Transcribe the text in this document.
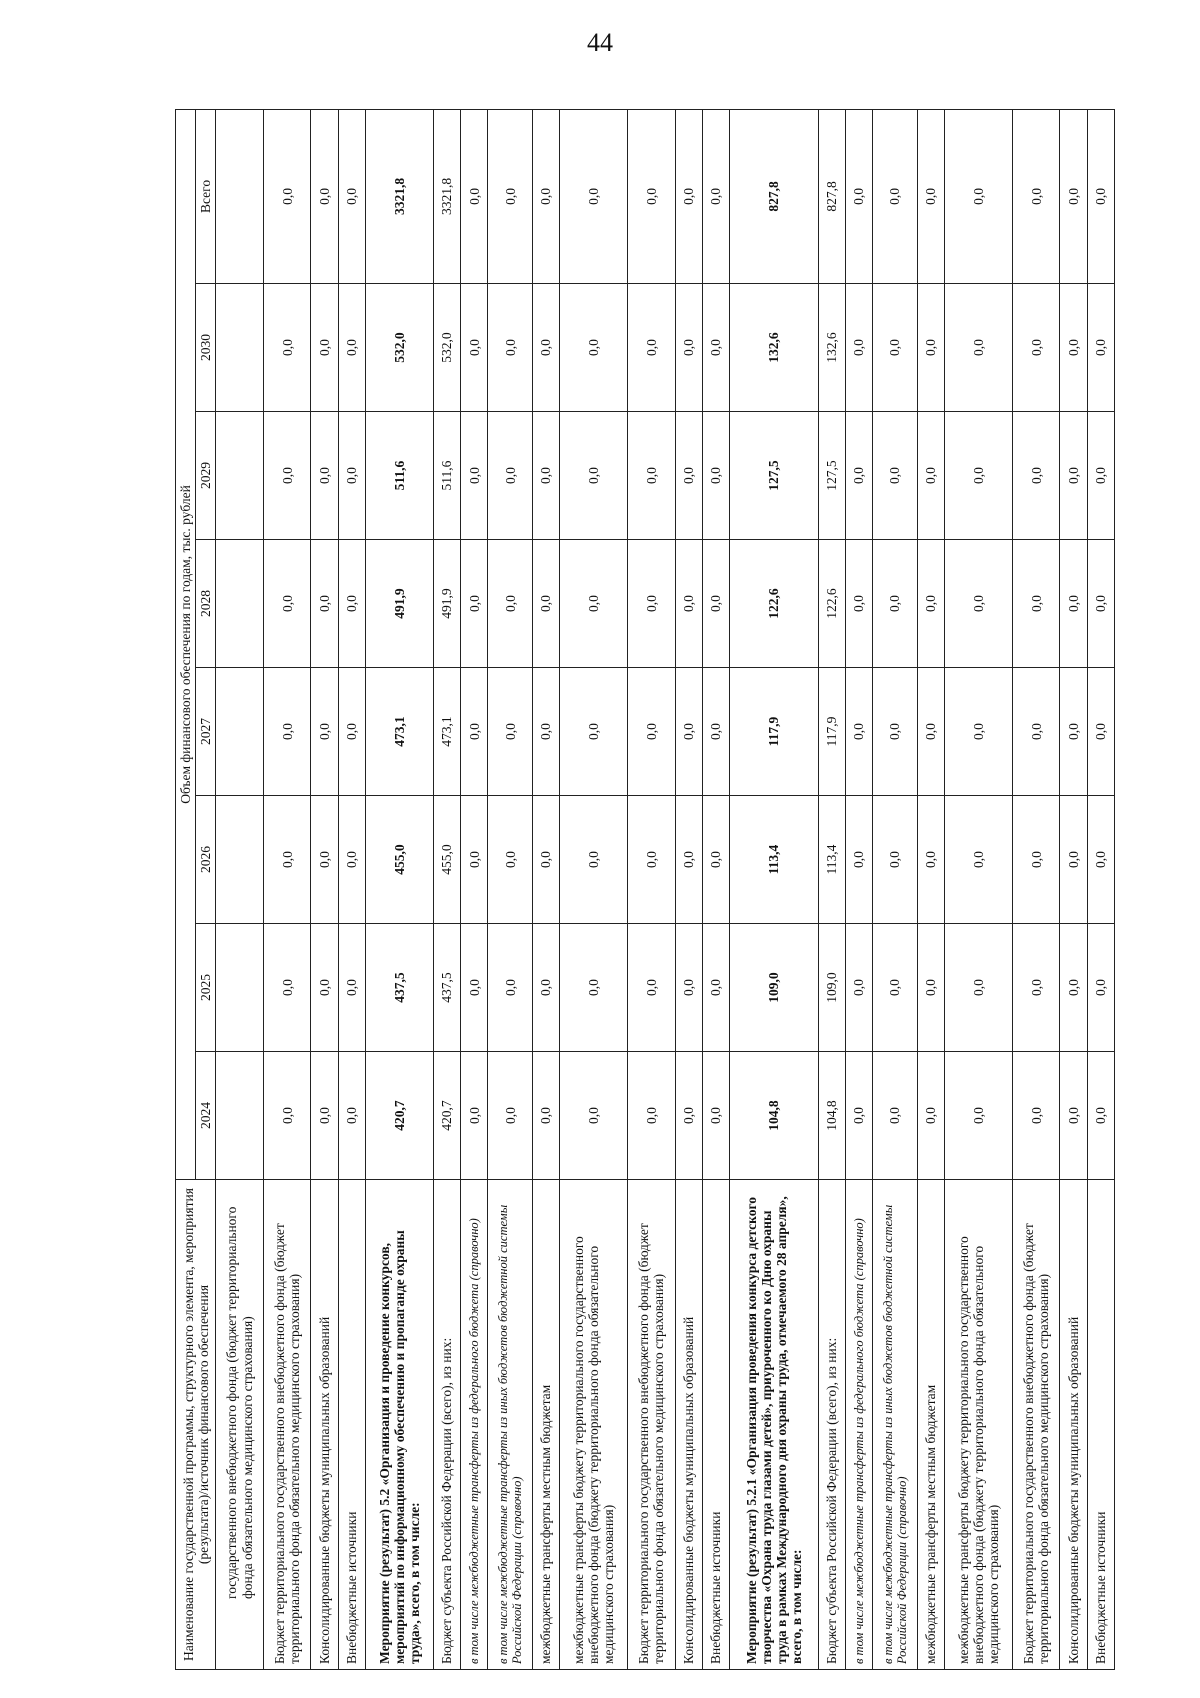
44
Наименование государственной программы, структурного элемента, мероприятия (результата)/источник финансового обеспечения	Объем финансового обеспечения по годам, тыс. рублей							
	2024	2025	2026	2027	2028	2029	2030	Всего
государственного внебюджетного фонда (бюджет территориального фонда обязательного медицинского страхования)								
Бюджет территориального государственного внебюджетного фонда (бюджет территориального фонда обязательного медицинского страхования)	0,0	0,0	0,0	0,0	0,0	0,0	0,0	0,0
Консолидированные бюджеты муниципальных образований	0,0	0,0	0,0	0,0	0,0	0,0	0,0	0,0
Внебюджетные источники	0,0	0,0	0,0	0,0	0,0	0,0	0,0	0,0
Мероприятие (результат) 5.2 «Организация и проведение конкурсов, мероприятий по информационному обеспечению и пропаганде охраны труда», всего, в том числе:	420,7	437,5	455,0	473,1	491,9	511,6	532,0	3321,8
Бюджет субъекта Российской Федерации (всего), из них:	420,7	437,5	455,0	473,1	491,9	511,6	532,0	3321,8
в том числе межбюджетные трансферты из федерального бюджета (справочно)	0,0	0,0	0,0	0,0	0,0	0,0	0,0	0,0
в том числе межбюджетные трансферты из иных бюджетов бюджетной системы Российской Федерации (справочно)	0,0	0,0	0,0	0,0	0,0	0,0	0,0	0,0
межбюджетные трансферты местным бюджетам	0,0	0,0	0,0	0,0	0,0	0,0	0,0	0,0
межбюджетные трансферты бюджету территориального государственного внебюджетного фонда (бюджету территориального фонда обязательного медицинского страхования)	0,0	0,0	0,0	0,0	0,0	0,0	0,0	0,0
Бюджет территориального государственного внебюджетного фонда (бюджет территориального фонда обязательного медицинского страхования)	0,0	0,0	0,0	0,0	0,0	0,0	0,0	0,0
Консолидированные бюджеты муниципальных образований	0,0	0,0	0,0	0,0	0,0	0,0	0,0	0,0
Внебюджетные источники	0,0	0,0	0,0	0,0	0,0	0,0	0,0	0,0
Мероприятие (результат) 5.2.1 «Организация проведения конкурса детского творчества «Охрана труда глазами детей», приуроченного ко Дню охраны труда в рамках Международного дня охраны труда, отмечаемого 28 апреля», всего, в том числе:	104,8	109,0	113,4	117,9	122,6	127,5	132,6	827,8
Бюджет субъекта Российской Федерации (всего), из них:	104,8	109,0	113,4	117,9	122,6	127,5	132,6	827,8
в том числе межбюджетные трансферты из федерального бюджета (справочно)	0,0	0,0	0,0	0,0	0,0	0,0	0,0	0,0
в том числе межбюджетные трансферты из иных бюджетов бюджетной системы Российской Федерации (справочно)	0,0	0,0	0,0	0,0	0,0	0,0	0,0	0,0
межбюджетные трансферты местным бюджетам	0,0	0,0	0,0	0,0	0,0	0,0	0,0	0,0
межбюджетные трансферты бюджету территориального государственного внебюджетного фонда (бюджету территориального фонда обязательного медицинского страхования)	0,0	0,0	0,0	0,0	0,0	0,0	0,0	0,0
Бюджет территориального государственного внебюджетного фонда (бюджет территориального фонда обязательного медицинского страхования)	0,0	0,0	0,0	0,0	0,0	0,0	0,0	0,0
Консолидированные бюджеты муниципальных образований	0,0	0,0	0,0	0,0	0,0	0,0	0,0	0,0
Внебюджетные источники	0,0	0,0	0,0	0,0	0,0	0,0	0,0	0,0
